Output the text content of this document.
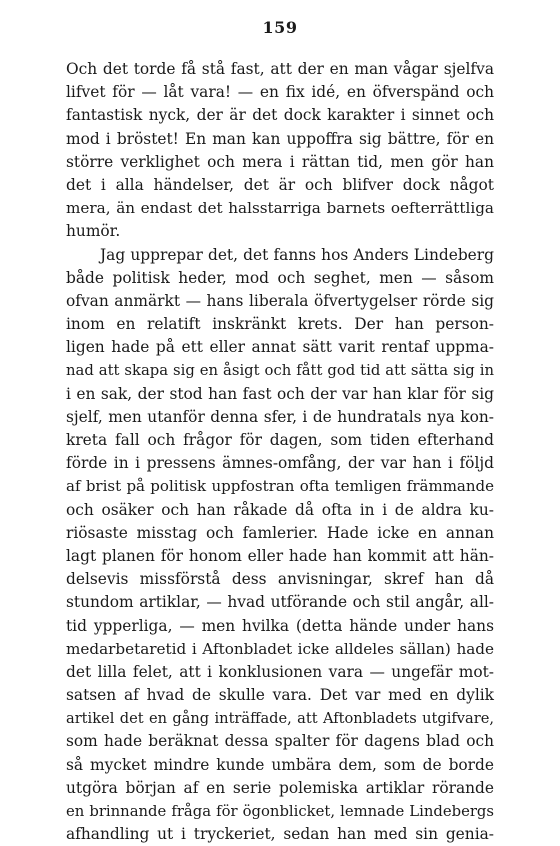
159
Och det torde få stå fast, att der en man vågar sjelfva
lifvet för — låt vara! — en fix idé, en öfverspänd och
fantastisk nyck, der är det dock karakter i sinnet och
mod i bröstet! En man kan uppoffra sig bättre, för en
större verklighet och mera i rättan tid, men gör han
det i alla händelser, det är och blifver dock något
mera, än endast det halsstarriga barnets oefterrättliga
humör.
Jag upprepar det, det fanns hos Anders Lindeberg
både politisk heder, mod och seghet, men — såsom
ofvan anmärkt — hans liberala öfvertygelser rörde sig
inom en relatift inskränkt krets. Der han person-
ligen hade på ett eller annat sätt varit rentaf uppma-
nad att skapa sig en åsigt och fått god tid att sätta sig in
i en sak, der stod han fast och der var han klar för sig
sjelf, men utanför denna sfer, i de hundratals nya kon-
kreta fall och frågor för dagen, som tiden efterhand
förde in i pressens ämnes-omfång, der var han i följd
af brist på politisk uppfostran ofta temligen främmande
och osäker och han råkade då ofta in i de aldra ku-
riösaste misstag och famlerier. Hade icke en annan
lagt planen för honom eller hade han kommit att hän-
delsevis missförstå dess anvisningar, skref han då
stundom artiklar, — hvad utförande och stil angår, all-
tid ypperliga, — men hvilka (detta hände under hans
medarbetaretid i Aftonbladet icke alldeles sällan) hade
det lilla felet, att i konklusionen vara — ungefär mot-
satsen af hvad de skulle vara. Det var med en dylik
artikel det en gång inträffade, att Aftonbladets utgifvare,
som hade beräknat dessa spalter för dagens blad och
så mycket mindre kunde umbära dem, som de borde
utgöra början af en serie polemiska artiklar rörande
en brinnande fråga för ögonblicket, lemnade Lindebergs
afhandling ut i tryckeriet, sedan han med sin genia-
